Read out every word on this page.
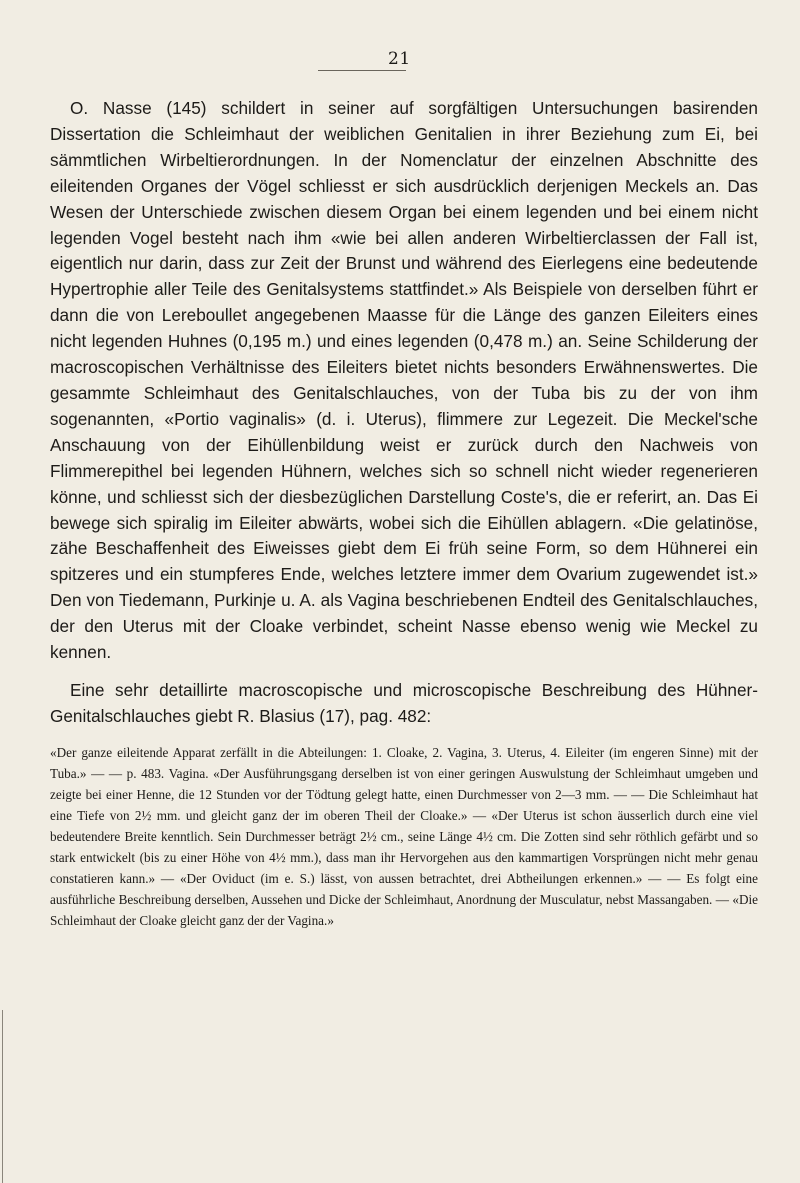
21

O. Nasse (145) schildert in seiner auf sorgfältigen Untersuchungen basirenden Dissertation die Schleimhaut der weiblichen Genitalien in ihrer Beziehung zum Ei, bei sämmtlichen Wirbeltierordnungen. In der Nomenclatur der einzelnen Abschnitte des eileitenden Organes der Vögel schliesst er sich ausdrücklich derjenigen Meckels an. Das Wesen der Unterschiede zwischen diesem Organ bei einem legenden und bei einem nicht legenden Vogel besteht nach ihm «wie bei allen anderen Wirbeltierclassen der Fall ist, eigentlich nur darin, dass zur Zeit der Brunst und während des Eierlegens eine bedeutende Hypertrophie aller Teile des Genitalsystems stattfindet.» Als Beispiele von derselben führt er dann die von Lereboullet angegebenen Maasse für die Länge des ganzen Eileiters eines nicht legenden Huhnes (0,195 m.) und eines legenden (0,478 m.) an. Seine Schilderung der macroscopischen Verhältnisse des Eileiters bietet nichts besonders Erwähnenswertes. Die gesammte Schleimhaut des Genitalschlauches, von der Tuba bis zu der von ihm sogenannten, «Portio vaginalis» (d. i. Uterus), flimmere zur Legezeit. Die Meckel'sche Anschauung von der Eihüllenbildung weist er zurück durch den Nachweis von Flimmerepithel bei legenden Hühnern, welches sich so schnell nicht wieder regenerieren könne, und schliesst sich der diesbezüglichen Darstellung Coste's, die er referirt, an. Das Ei bewege sich spiralig im Eileiter abwärts, wobei sich die Eihüllen ablagern. «Die gelatinöse, zähe Beschaffenheit des Eiweisses giebt dem Ei früh seine Form, so dem Hühnerei ein spitzeres und ein stumpferes Ende, welches letztere immer dem Ovarium zugewendet ist.» Den von Tiedemann, Purkinje u. A. als Vagina beschriebenen Endteil des Genitalschlauches, der den Uterus mit der Cloake verbindet, scheint Nasse ebenso wenig wie Meckel zu kennen.

Eine sehr detaillirte macroscopische und microscopische Beschreibung des Hühner-Genitalschlauches giebt R. Blasius (17), pag. 482:

«Der ganze eileitende Apparat zerfällt in die Abteilungen: 1. Cloake, 2. Vagina, 3. Uterus, 4. Eileiter (im engeren Sinne) mit der Tuba.» — — p. 483. Vagina. «Der Ausführungsgang derselben ist von einer geringen Auswulstung der Schleimhaut umgeben und zeigte bei einer Henne, die 12 Stunden vor der Tödtung gelegt hatte, einen Durchmesser von 2—3 mm. — — Die Schleimhaut hat eine Tiefe von 2½ mm. und gleicht ganz der im oberen Theil der Cloake.» — «Der Uterus ist schon äusserlich durch eine viel bedeutendere Breite kenntlich. Sein Durchmesser beträgt 2½ cm., seine Länge 4½ cm. Die Zotten sind sehr röthlich gefärbt und so stark entwickelt (bis zu einer Höhe von 4½ mm.), dass man ihr Hervorgehen aus den kammartigen Vorsprüngen nicht mehr genau constatieren kann.» — «Der Oviduct (im e. S.) lässt, von aussen betrachtet, drei Abtheilungen erkennen.» — — Es folgt eine ausführliche Beschreibung derselben, Aussehen und Dicke der Schleimhaut, Anordnung der Musculatur, nebst Massangaben. — «Die Schleimhaut der Cloake gleicht ganz der der Vagina.»
